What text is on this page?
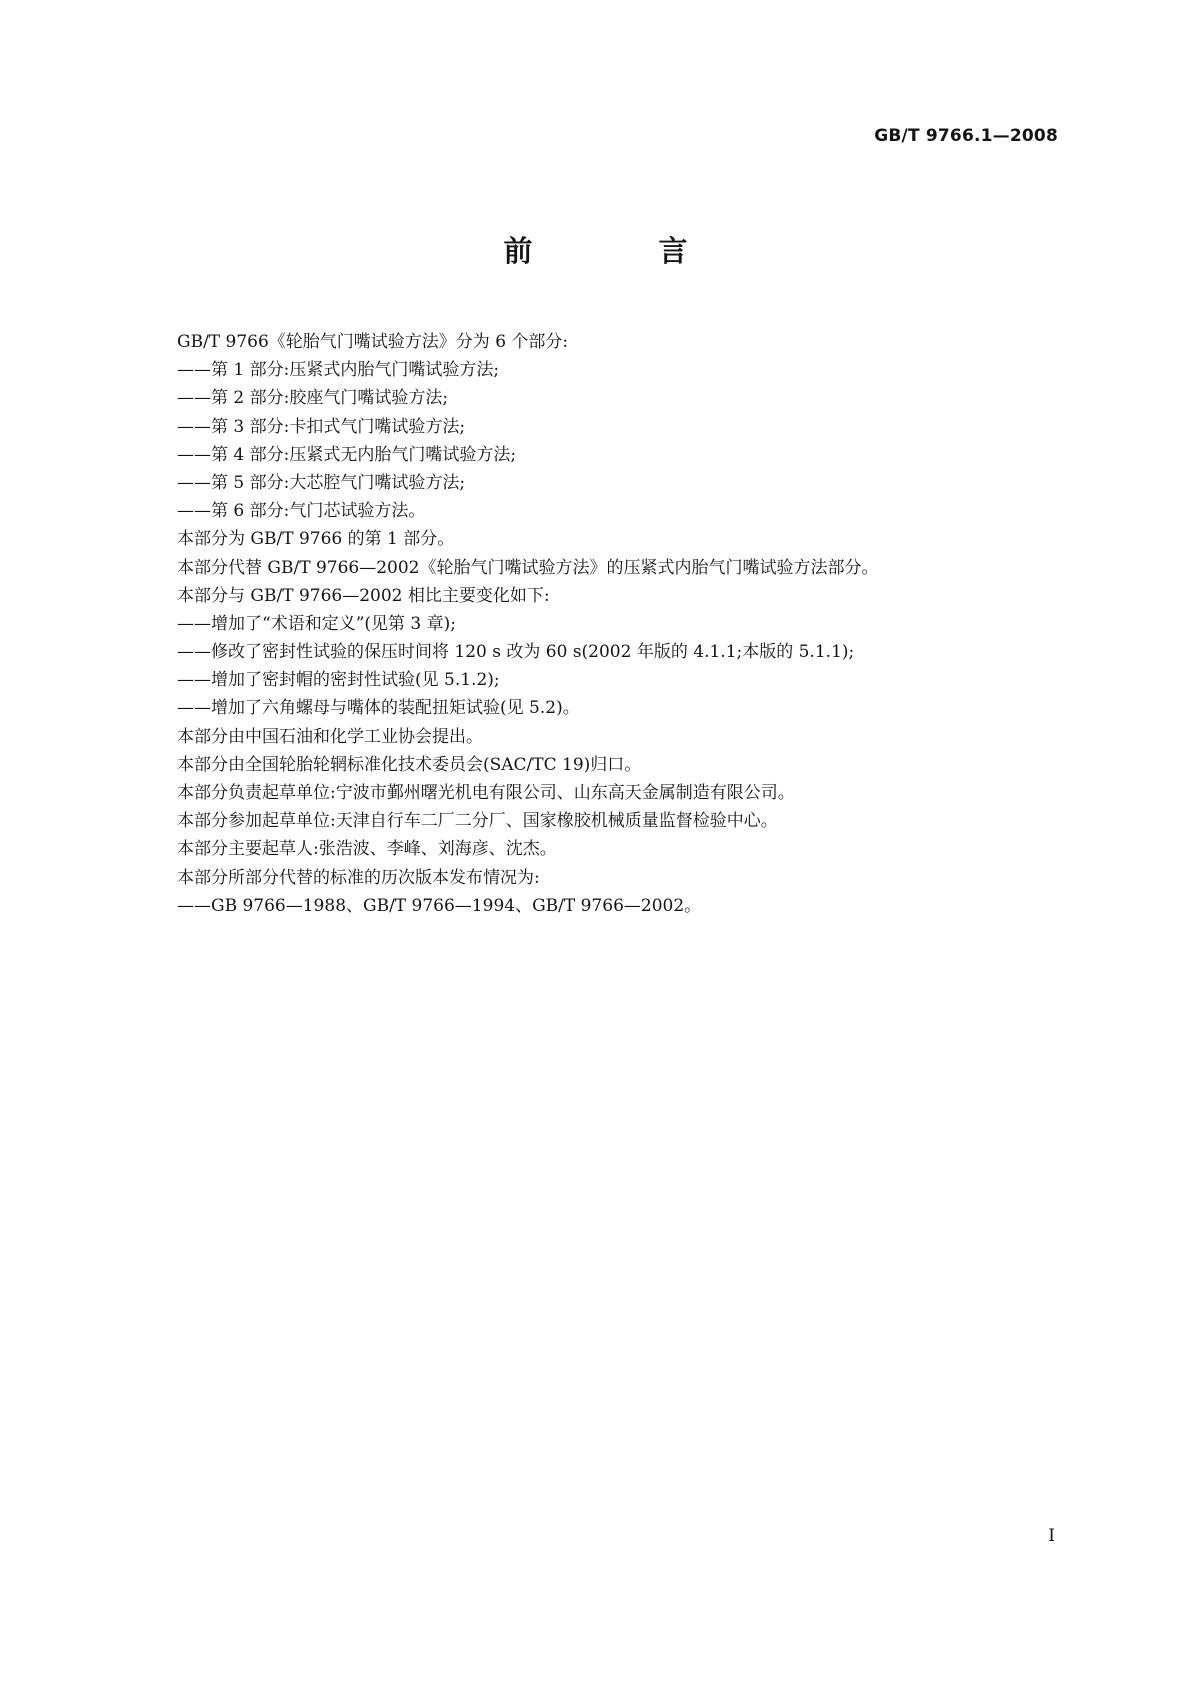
GB/T 9766.1—2008
前 言
GB/T 9766《轮胎气门嘴试验方法》分为 6 个部分:
——第 1 部分:压紧式内胎气门嘴试验方法;
——第 2 部分:胶座气门嘴试验方法;
——第 3 部分:卡扣式气门嘴试验方法;
——第 4 部分:压紧式无内胎气门嘴试验方法;
——第 5 部分:大芯腔气门嘴试验方法;
——第 6 部分:气门芯试验方法。
本部分为 GB/T 9766 的第 1 部分。
本部分代替 GB/T 9766—2002《轮胎气门嘴试验方法》的压紧式内胎气门嘴试验方法部分。
本部分与 GB/T 9766—2002 相比主要变化如下:
——增加了“术语和定义”(见第 3 章);
——修改了密封性试验的保压时间将 120 s 改为 60 s(2002 年版的 4.1.1;本版的 5.1.1);
——增加了密封帽的密封性试验(见 5.1.2);
——增加了六角螺母与嘴体的装配扭矩试验(见 5.2)。
本部分由中国石油和化学工业协会提出。
本部分由全国轮胎轮辋标准化技术委员会(SAC/TC 19)归口。
本部分负责起草单位:宁波市鄞州曙光机电有限公司、山东高天金属制造有限公司。
本部分参加起草单位:天津自行车二厂二分厂、国家橡胶机械质量监督检验中心。
本部分主要起草人:张浩波、李峰、刘海彦、沈杰。
本部分所部分代替的标准的历次版本发布情况为:
——GB 9766—1988、GB/T 9766—1994、GB/T 9766—2002。
I
